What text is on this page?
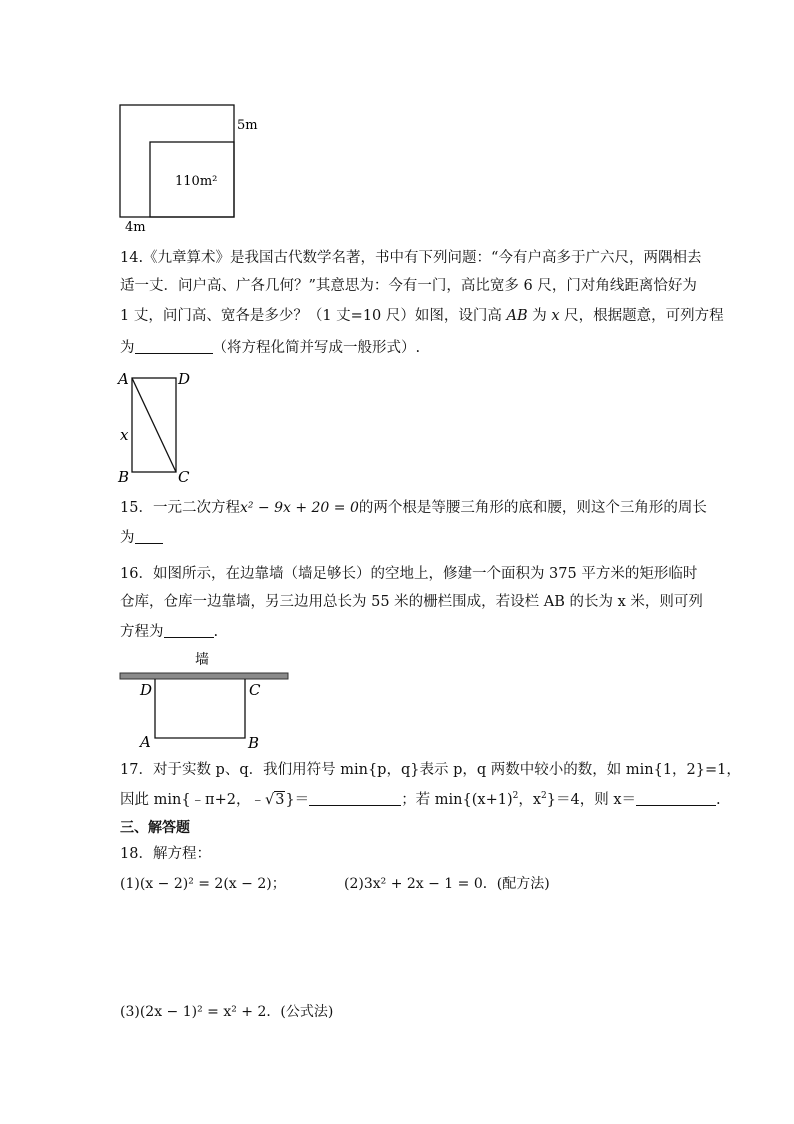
5m
110m²
4m
14.《九章算术》是我国古代数学名著，书中有下列问题：“今有户高多于广六尺，两隅相去
适一丈．问户高、广各几何？”其意思为：今有一门，高比宽多 6 尺，门对角线距离恰好为
1 丈，问门高、宽各是多少？（1 丈=10 尺）如图，设门高 AB 为 x 尺，根据题意，可列方程
为	（将方程化简并写成一般形式）.
A	D
x
B	C
15．一元二次方程x² − 9x + 20 = 0的两个根是等腰三角形的底和腰，则这个三角形的周长
为
16．如图所示，在边靠墙（墙足够长）的空地上，修建一个面积为 375 平方米的矩形临时
仓库，仓库一边靠墙，另三边用总长为 55 米的栅栏围成，若设栏 AB 的长为 x 米，则可列
方程为	.
墙
D	C
A	B
17．对于实数 p、q．我们用符号 min{p，q}表示 p，q 两数中较小的数，如 min{1，2}=1，
因此 min{﹣π+2，﹣√3}＝	；若 $\min\{(x+1)^2$，$x^2\}=4$，则 x＝	.
三、解答题
18．解方程：
(1)(x − 2)² = 2(x − 2)；	(2)3x² + 2x − 1 = 0．(配方法)
(3)(2x − 1)² = x² + 2．(公式法)
